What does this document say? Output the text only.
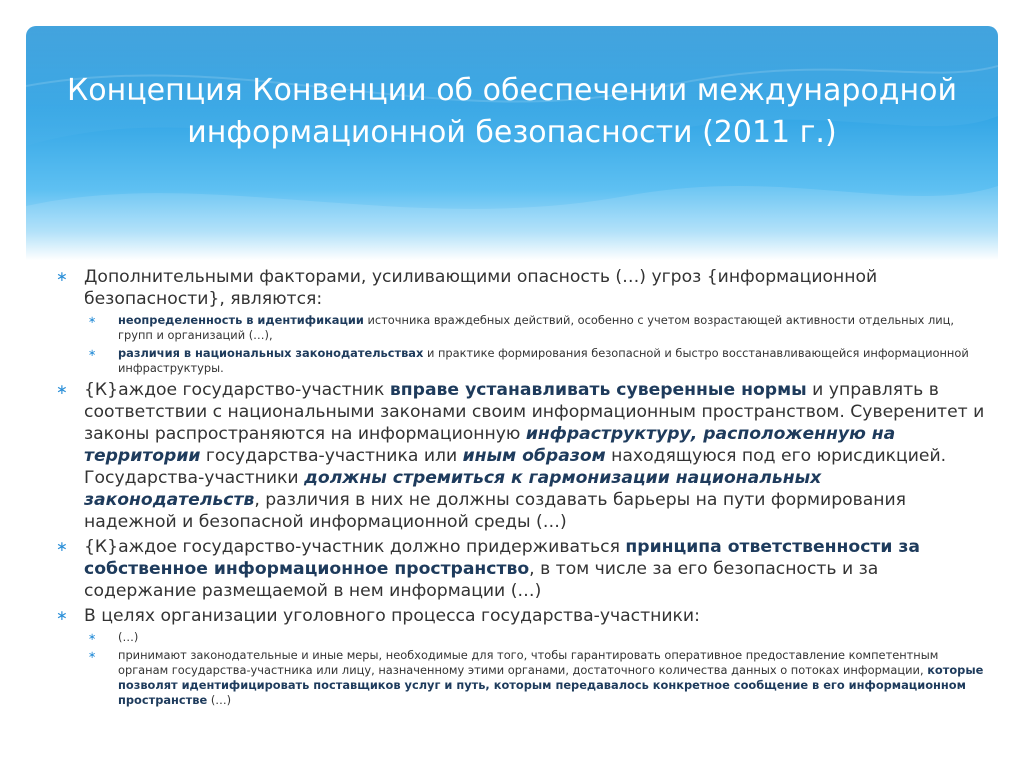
Концепция Конвенции об обеспечении международной
информационной безопасности (2011 г.)
∗ Дополнительными факторами, усиливающими опасность (…) угроз {информационной безопасности}, являются:
∗ неопределенность в идентификации источника враждебных действий, особенно с учетом возрастающей активности отдельных лиц, групп и организаций (…),
∗ различия в национальных законодательствах и практике формирования безопасной и быстро восстанавливающейся информационной инфраструктуры.
∗ {К}аждое государство-участник вправе устанавливать суверенные нормы и управлять в соответствии с национальными законами своим информационным пространством. Суверенитет и законы распространяются на информационную инфраструктуру, расположенную на территории государства-участника или иным образом находящуюся под его юрисдикцией. Государства-участники должны стремиться к гармонизации национальных законодательств, различия в них не должны создавать барьеры на пути формирования надежной и безопасной информационной среды (…)
∗ {К}аждое государство-участник должно придерживаться принципа ответственности за собственное информационное пространство, в том числе за его безопасность и за содержание размещаемой в нем информации (…)
∗ В целях организации уголовного процесса государства-участники:
∗ (…)
∗ принимают законодательные и иные меры, необходимые для того, чтобы гарантировать оперативное предоставление компетентным органам государства-участника или лицу, назначенному этими органами, достаточного количества данных о потоках информации, которые позволят идентифицировать поставщиков услуг и путь, которым передавалось конкретное сообщение в его информационном пространстве (…)
